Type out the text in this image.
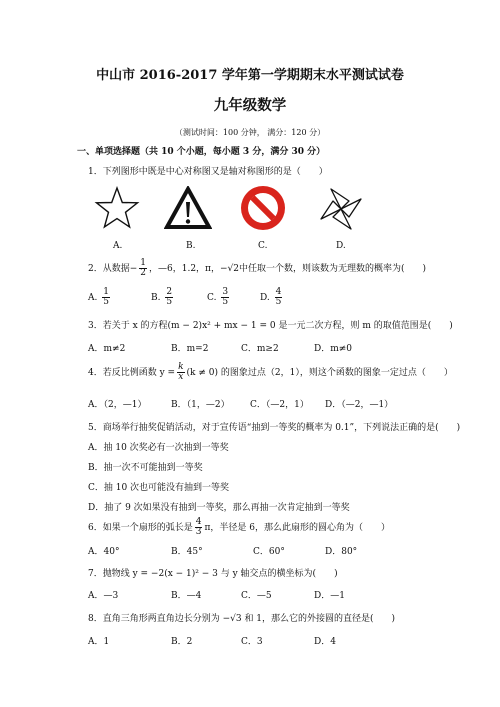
中山市 2016-2017 学年第一学期期末水平测试试卷
九年级数学
（测试时间：100 分钟， 满分：120 分）
一、单项选择题（共 10 个小题，每小题 3 分，满分 30 分）
1．下列图形中既是中心对称图又是轴对称图形的是（　　）
A.	B.	C.	D.
2．从数据− $\frac{1}{2}$ ，—6，1.2，π，−√2中任取一个数，则该数为无理数的概率为(　　)
A. $\frac{1}{5}$	B. $\frac{2}{5}$	C. $\frac{3}{5}$	D. $\frac{4}{5}$
3．若关于 x 的方程(m − 2)x² + mx − 1 = 0 是一元二次方程，则 m 的取值范围是(　　)
A．m≠2	B．m=2	C．m≥2	D．m≠0
4．若反比例函数 $y = \frac{k}{x} (k \ne 0)$ 的图象过点（2，1），则这个函数的图象一定过点（　　）
A．（2，—1）	B．（1，—2） C．（—2，1） D．（—2，—1）
5．商场举行抽奖促销活动，对于宣传语“抽到一等奖的概率为 0.1”，下列说法正确的是(　　)
A．抽 10 次奖必有一次抽到一等奖
B．抽一次不可能抽到一等奖
C．抽 10 次也可能没有抽到一等奖
D．抽了 9 次如果没有抽到一等奖，那么再抽一次肯定抽到一等奖
6．如果一个扇形的弧长是 $\frac{4}{3}$ π，半径是 6，那么此扇形的圆心角为（　　）
A．40°	B．45°	C．60°	D．80°
7．抛物线 y = −2(x − 1)² − 3 与 y 轴交点的横坐标为(　　)
A．—3	B．—4	C．—5	D．—1
8．直角三角形两直角边长分别为 −√3 和 1，那么它的外接圆的直径是(　　)
A．1	B．2	C．3	D．4
